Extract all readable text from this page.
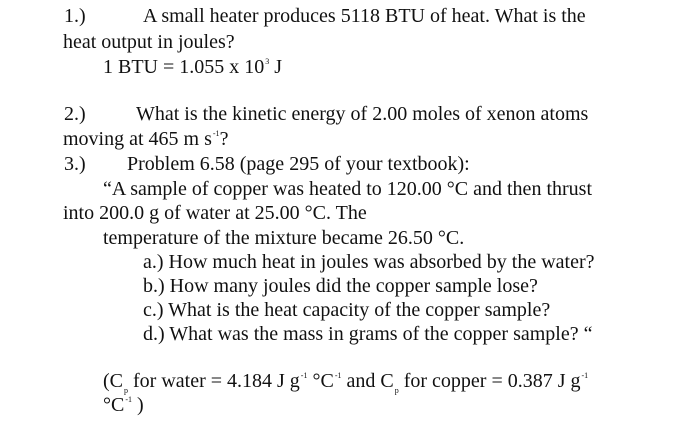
1.)	A small heater produces 5118 BTU of heat. What is the
heat output in joules?
1 BTU = 1.055 x $10^3$ J
2.)	What is the kinetic energy of 2.00 moles of xenon atoms
moving at 465 m $s^{-1}$?
3.) Problem 6.58 (page 295 of your textbook):
“A sample of copper was heated to 120.00 °C and then thrust
into 200.0 g of water at 25.00 °C. The
temperature of the mixture became 26.50 °C.
a.) How much heat in joules was absorbed by the water?
b.) How many joules did the copper sample lose?
c.) What is the heat capacity of the copper sample?
d.) What was the mass in grams of the copper sample? “
($C_p$ for water = 4.184 J $g^{-1}$ $^\circ C^{-1}$ and $C_p$ for copper = 0.387 J $g^{-1}$
$^\circ C^{-1}$ )
